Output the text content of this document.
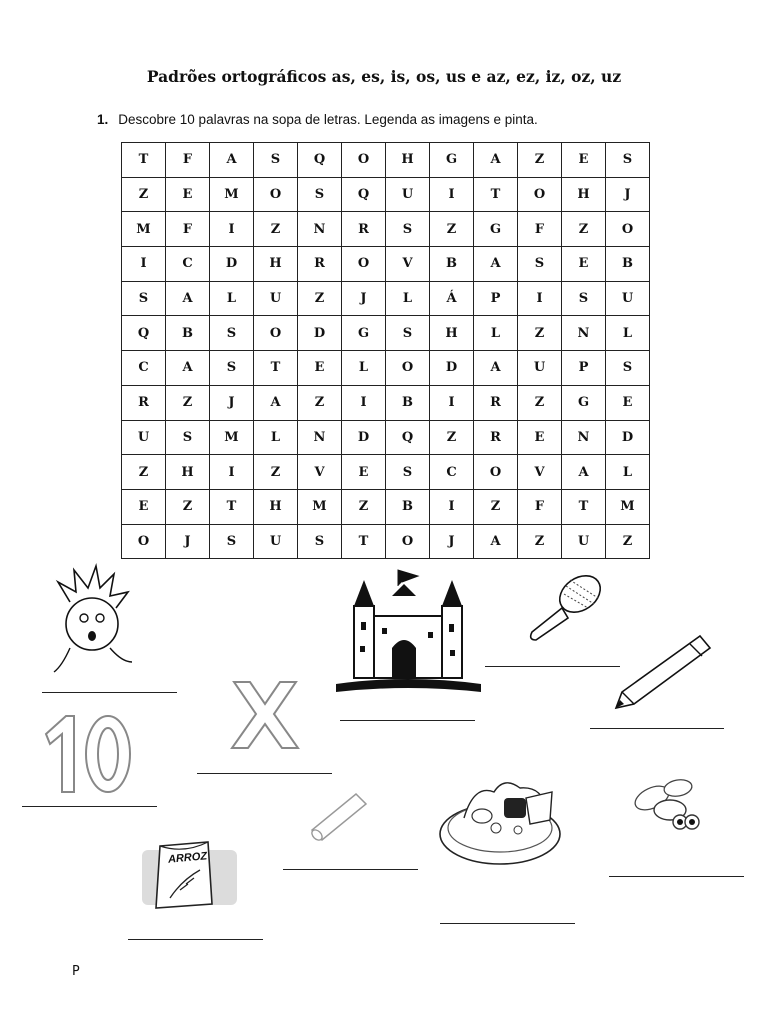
Padrões ortográficos as, es, is, os, us e az, ez, iz, oz, uz
1. Descobre 10 palavras na sopa de letras. Legenda as imagens e pinta.
T	F	A	S	Q	O	H	G	A	Z	E	S
Z	E	M	O	S	Q	U	I	T	O	H	J
M	F	I	Z	N	R	S	Z	G	F	Z	O
I	C	D	H	R	O	V	B	A	S	E	B
S	A	L	U	Z	J	L	Á	P	I	S	U
Q	B	S	O	D	G	S	H	L	Z	N	L
C	A	S	T	E	L	O	D	A	U	P	S
R	Z	J	A	Z	I	B	I	R	Z	G	E
U	S	M	L	N	D	Q	Z	R	E	N	D
Z	H	I	Z	V	E	S	C	O	V	A	L
E	Z	T	H	M	Z	B	I	Z	F	T	M
O	J	S	U	S	T	O	J	A	Z	U	Z
ARROZ
P
